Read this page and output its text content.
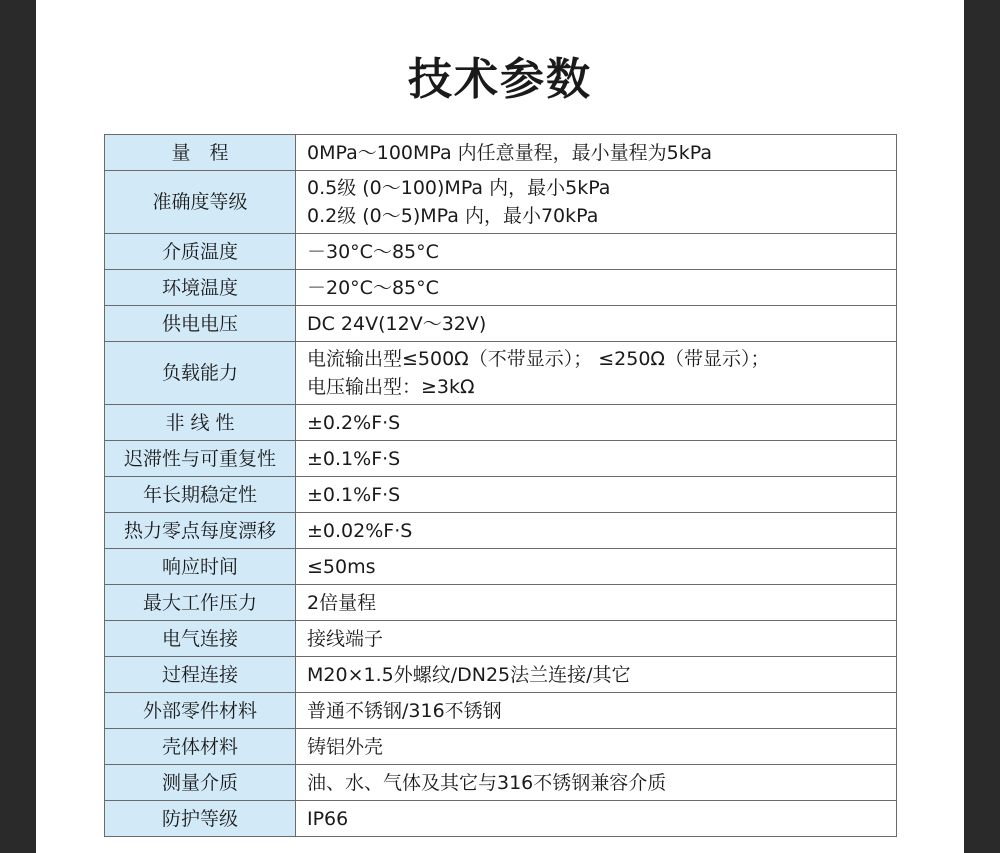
技术参数
量　程	0MPa～100MPa 内任意量程，最小量程为5kPa

准确度等级	0.5级 (0～100)MPa 内，最小5kPa
0.2级 (0～5)MPa 内，最小70kPa

介质温度	－30°C～85°C

环境温度	－20°C～85°C

供电电压	DC 24V(12V～32V)

负载能力	电流输出型≤500Ω（不带显示）； ≤250Ω（带显示）；
电压输出型：≥3kΩ

非 线 性	±0.2%F·S

迟滞性与可重复性	±0.1%F·S

年长期稳定性	±0.1%F·S

热力零点每度漂移	±0.02%F·S

响应时间	≤50ms

最大工作压力	2倍量程

电气连接	接线端子

过程连接	M20×1.5外螺纹/DN25法兰连接/其它

外部零件材料	普通不锈钢/316不锈钢

壳体材料	铸铝外壳

测量介质	油、水、气体及其它与316不锈钢兼容介质

防护等级	IP66
